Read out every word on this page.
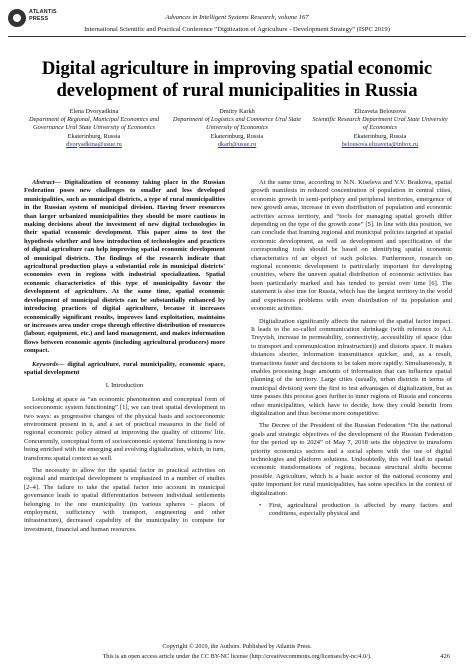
ATLANTIS
PRESS	Advances in Intelligent Systems Research, volume 167
International Scientific and Practical Conference “Digitization of Agriculture - Development Strategy” (ISPC 2019)
Digital agriculture in improving spatial economic development of rural municipalities in Russia
Elena Dvoryadkina
Department of Regional, Municipal Economics and Governance Ural State University of Economics
Ekaterinburg, Russia
dvoryadkina@usue.ru
Dmitry Karkh
Department of Logistics and Commerce Ural State University of Economics
Ekaterinburg, Russia
dkarh@usue.ru
Elizaveta Belousova
Scientific Research Department Ural State University of Economics
Ekaterinburg, Russia
belousova.elizaveta@inbox.ru

Abstract— Digitalization of economy taking place in the Russian Federation poses new challenges to smaller and less developed municipalities, such as municipal districts, a type of rural municipalities in the Russian system of municipal division. Having fewer resources than larger urbanized municipalities they should be more cautious in making decisions about the investment of new digital technologies in their spatial economic development. This paper aims to test the hypothesis whether and how introduction of technologies and practices of digital agriculture can help improving spatial economic development of municipal districts. The findings of the research indicate that agricultural production plays a substantial role in municipal districts' economies even in regions with industrial specialization. Spatial economic characteristics of this type of municipality favour the development of agriculture. At the same time, spatial economic development of municipal districts can be substantially enhanced by introducing practices of digital agriculture, because it increases economically significant results, improves land exploitation, maintains or increases area under crops through effective distribution of resources (labour, equipment, etc.) and land management, and makes information flows between economic agents (including agricultural producers) more compact.

Keywords— digital agriculture, rural municipality, economic space, spatial development

I. Introduction

Looking at space as “an economic phenomenon and conceptual form of socioeconomic system functioning” [1], we can treat spatial development in two ways: as progressive changes of the physical basis and socioeconomic environment present in it, and a set of practical measures in the field of regional economic policy aimed at improving the quality of citizens' life. Concurrently, conceptual form of socioeconomic systems' functioning is now being enriched with the emerging and evolving digitalization, which, in turn, transforms spatial context as well.

The necessity to allow for the spatial factor in practical activities on regional and municipal development is emphasized in a number of studies [2–4]. The failure to take the spatial factor into account in municipal governance leads to spatial differentiation between individual settlements belonging to the one municipality (in various spheres – places of employment, sufficiency with transport, engineering and other infrastructure), decreased capability of the municipality to compete for investment, financial and human resources.

At the same time, according to N.N. Kiseleva and V.V. Bratkova, spatial growth manifests in reduced concentration of population in central cities, economic growth in semi-periphery and peripheral territories, emergence of new growth areas, increase in even distribution of population and economic activities across territory, and “tools for managing spatial growth differ depending on the type of the growth zone” [5]. In line with this position, we can conclude that framing regional and municipal policies targeted at spatial economic development, as well as development and specification of the corresponding tools should be based on identifying spatial economic characteristics of an object of such policies. Furthermore, research on regional economic development is particularly important for developing countries, where the uneven spatial distribution of economic activities has been particularly marked and has tended to persist over time [6]. The statement is also true for Russia, which has the largest territory in the world and experiences problems with even distribution of its population and economic activities.

Digitalization significantly affects the nature of the spatial factor impact. It leads to the so-called communication shrinkage (with reference to A.I. Treyvish, increase in permeability, connectivity, accessibility of space (due to transport and communication infrastructure)) and distorts space. It makes distances shorter, information transmittance quicker, and, as a result, transactions faster and decisions to be taken more rapidly. Simultaneously, it enables processing huge amounts of information that can influence spatial planning of the territory. Large cities (usually, urban districts in terms of municipal division) were the first to test advantages of digitalization, but as time passes this process goes further to inner regions of Russia and concerns other municipalities, which have to decide, how they could benefit from digitalization and thus become more competitive.

The Decree of the President of the Russian Federation “On the national goals and strategic objectives of the development of the Russian Federation for the period up to 2024” of May 7, 2018 sets the objective to transform priority economics sectors and a social sphere with the use of digital technologies and platform solutions. Undoubtedly, this will lead to spatial economic transformations of regions, because structural shifts become possible. Agriculture, which is a basic sector of the national economy and quite important for rural municipalities, has some specifics in the context of digitalization:

• First, agricultural production is affected by many factors and conditions, especially physical and
Copyright © 2019, the Authors. Published by Atlantis Press.
This is an open access article under the CC BY-NC license (http://creativecommons.org/licenses/by-nc/4.0/).	426
